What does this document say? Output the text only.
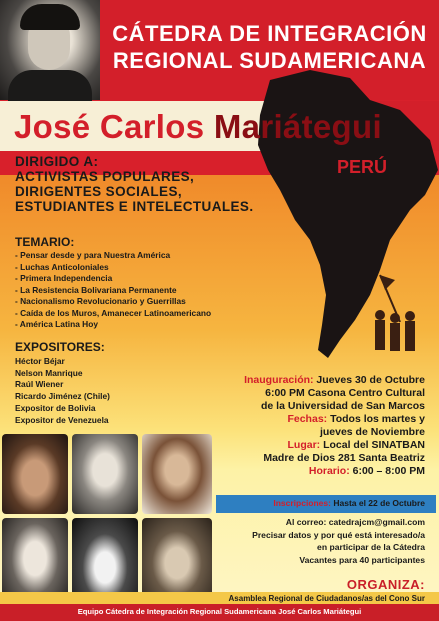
CÁTEDRA DE INTEGRACIÓN
REGIONAL SUDAMERICANA
José Carlos Mariátegui
PERÚ
DIRIGIDO A:
ACTIVISTAS POPULARES,
DIRIGENTES SOCIALES,
ESTUDIANTES E INTELECTUALES.
TEMARIO:
- Pensar desde y para Nuestra América
- Luchas Anticoloniales
- Primera Independencia
- La Resistencia Bolivariana Permanente
- Nacionalismo Revolucionario y Guerrillas
- Caída de los Muros, Amanecer Latinoamericano
- América Latina Hoy
EXPOSITORES:
Héctor Béjar
Nelson Manrique
Raúl Wiener
Ricardo Jiménez (Chile)
Expositor de Bolivia
Expositor de Venezuela
Inauguración: Jueves 30 de Octubre
6:00 PM Casona Centro Cultural
de la Universidad de San Marcos
Fechas: Todos los martes y
jueves de Noviembre
Lugar: Local del SINATBAN
Madre de Dios 281 Santa Beatriz
Horario: 6:00 – 8:00 PM
Inscripciones: Hasta el 22 de Octubre
Al correo: catedrajcm@gmail.com
Precisar datos y por qué está interesado/a
en participar de la Cátedra
Vacantes para 40 participantes
ORGANIZA:
Asamblea Regional de Ciudadanos/as del Cono Sur
Equipo Cátedra de Integración Regional Sudamericana José Carlos Mariátegui
